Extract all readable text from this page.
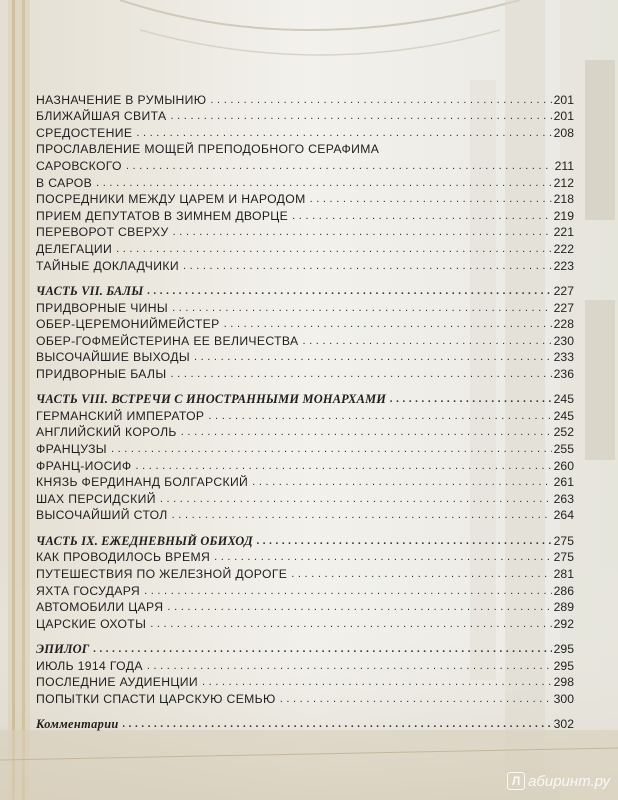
НАЗНАЧЕНИЕ В РУМЫНИЮ .....	201
БЛИЖАЙШАЯ СВИТА .....	201
СРЕДОСТЕНИЕ .....	208
ПРОСЛАВЛЕНИЕ МОЩЕЙ ПРЕПОДОБНОГО СЕРАФИМА
САРОВСКОГО .....	211
В САРОВ .....	212
ПОСРЕДНИКИ МЕЖДУ ЦАРЕМ И НАРОДОМ .....	218
ПРИЕМ ДЕПУТАТОВ В ЗИМНЕМ ДВОРЦЕ .....	219
ПЕРЕВОРОТ СВЕРХУ .....	221
ДЕЛЕГАЦИИ .....	222
ТАЙНЫЕ ДОКЛАДЧИКИ .....	223
ЧАСТЬ VII. БАЛЫ .....	227
ПРИДВОРНЫЕ ЧИНЫ .....	227
ОБЕР-ЦЕРЕМОНИЙМЕЙСТЕР .....	228
ОБЕР-ГОФМЕЙСТЕРИНА ЕЕ ВЕЛИЧЕСТВА .....	230
ВЫСОЧАЙШИЕ ВЫХОДЫ .....	233
ПРИДВОРНЫЕ БАЛЫ .....	236
ЧАСТЬ VIII. ВСТРЕЧИ С ИНОСТРАННЫМИ МОНАРХАМИ .....	245
ГЕРМАНСКИЙ ИМПЕРАТОР .....	245
АНГЛИЙСКИЙ КОРОЛЬ .....	252
ФРАНЦУЗЫ .....	255
ФРАНЦ-ИОСИФ .....	260
КНЯЗЬ ФЕРДИНАНД БОЛГАРСКИЙ .....	261
ШАХ ПЕРСИДСКИЙ .....	263
ВЫСОЧАЙШИЙ СТОЛ .....	264
ЧАСТЬ IX. ЕЖЕДНЕВНЫЙ ОБИХОД .....	275
КАК ПРОВОДИЛОСЬ ВРЕМЯ .....	275
ПУТЕШЕСТВИЯ ПО ЖЕЛЕЗНОЙ ДОРОГЕ .....	281
ЯХТА ГОСУДАРЯ .....	286
АВТОМОБИЛИ ЦАРЯ .....	289
ЦАРСКИЕ ОХОТЫ .....	292
ЭПИЛОГ .....	295
ИЮЛЬ 1914 ГОДА .....	295
ПОСЛЕДНИЕ АУДИЕНЦИИ .....	298
ПОПЫТКИ СПАСТИ ЦАРСКУЮ СЕМЬЮ .....	300
Комментарии .....	302
Л абиринт.ру
